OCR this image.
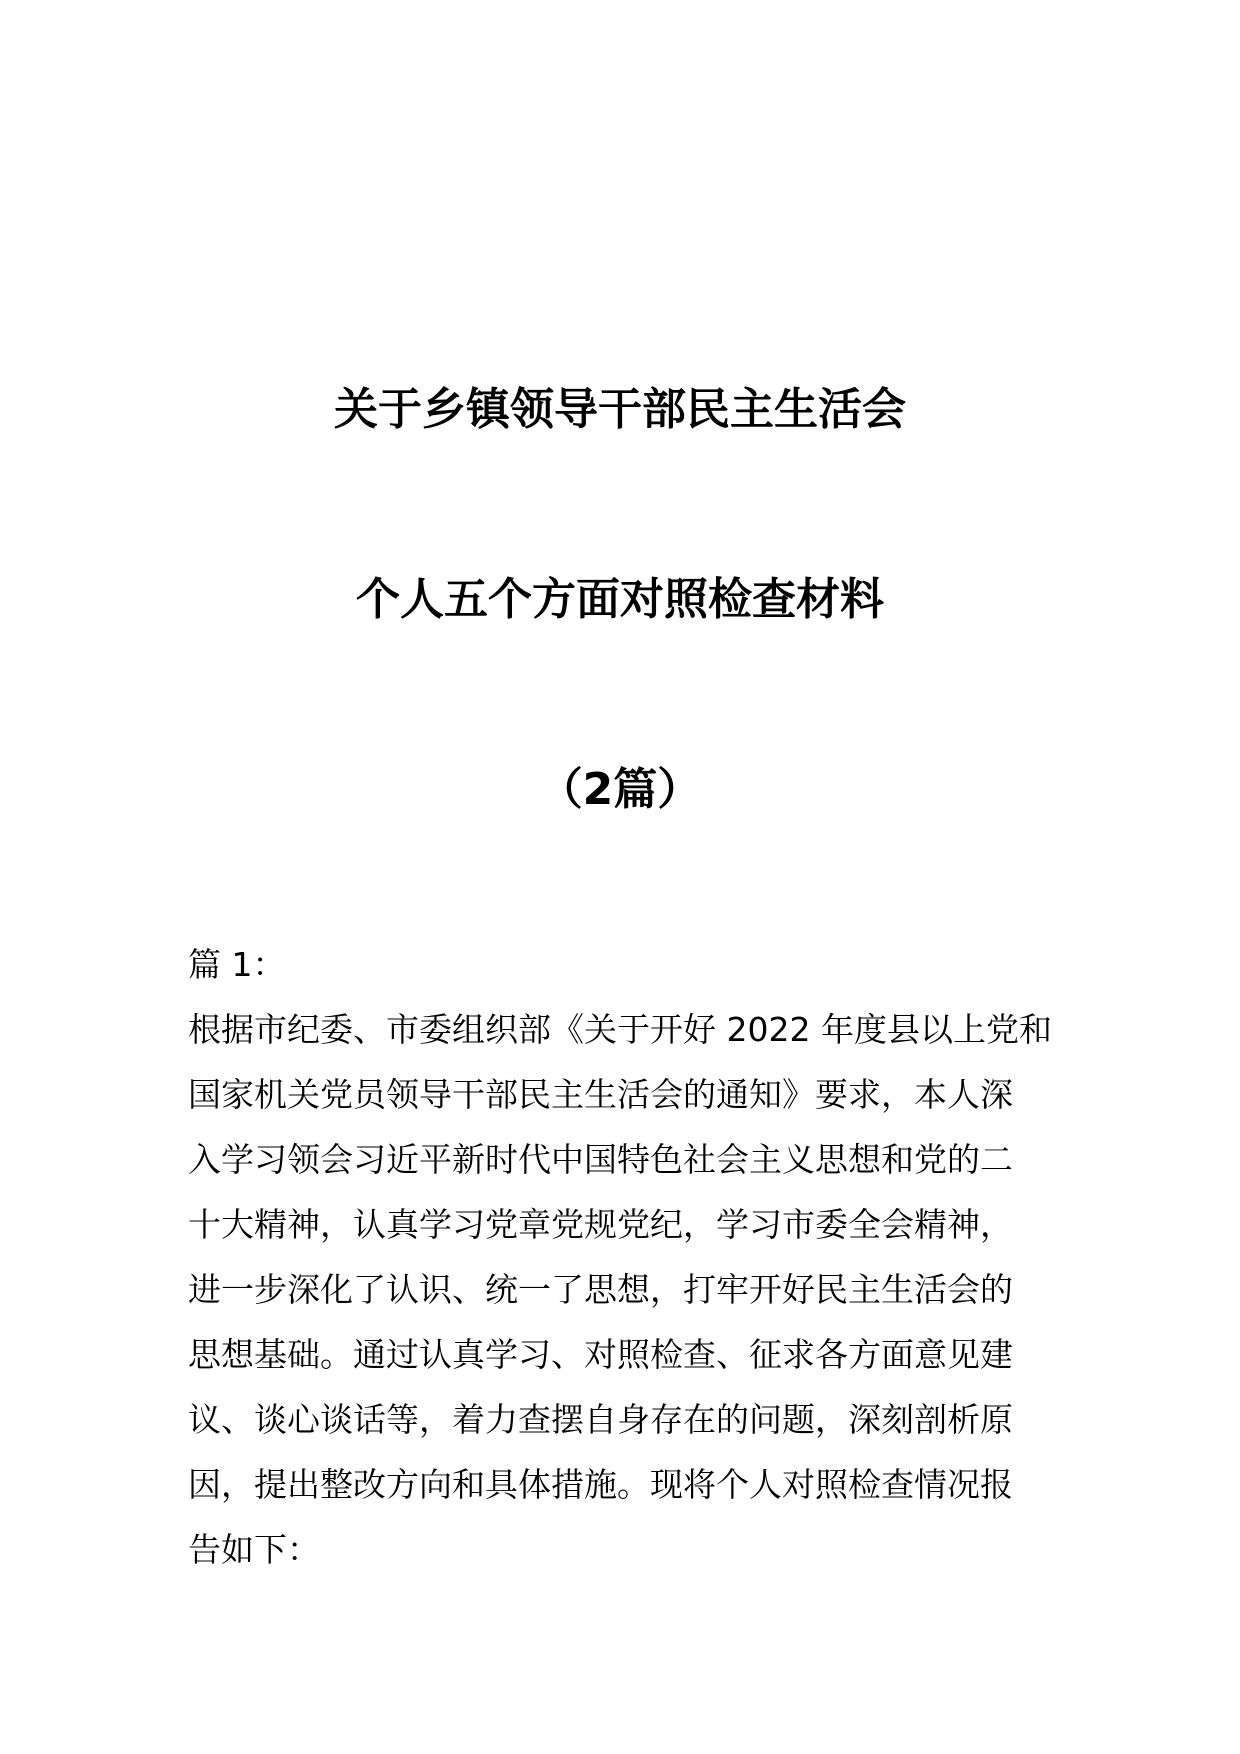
关于乡镇领导干部民主生活会
个人五个方面对照检查材料
（2篇）
篇 1：
根据市纪委、市委组织部《关于开好 2022 年度县以上党和
国家机关党员领导干部民主生活会的通知》要求，本人深
入学习领会习近平新时代中国特色社会主义思想和党的二
十大精神，认真学习党章党规党纪，学习市委全会精神，
进一步深化了认识、统一了思想，打牢开好民主生活会的
思想基础。通过认真学习、对照检查、征求各方面意见建
议、谈心谈话等，着力查摆自身存在的问题，深刻剖析原
因，提出整改方向和具体措施。现将个人对照检查情况报
告如下：
